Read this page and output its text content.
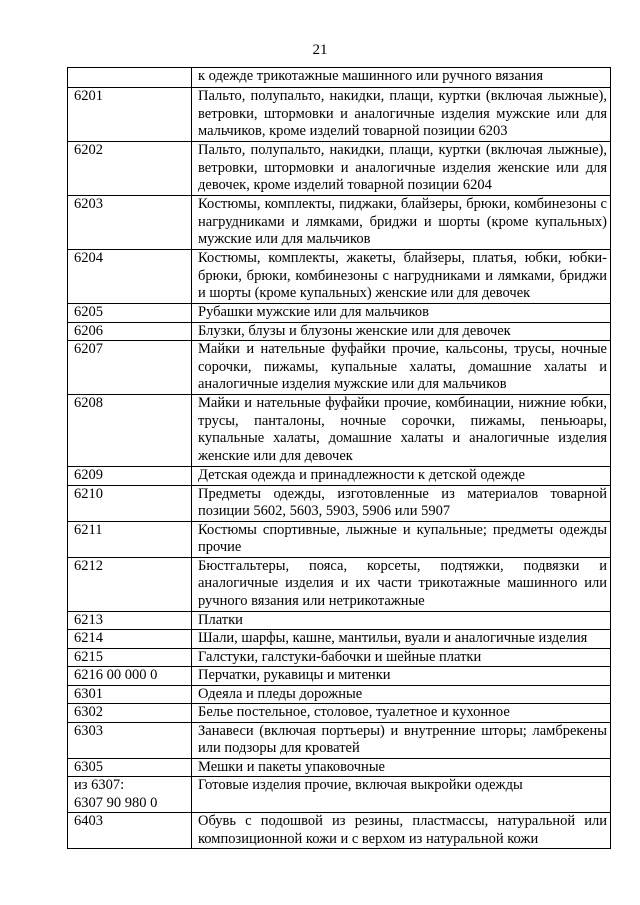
21
	к одежде трикотажные машинного или ручного вязания
6201	Пальто, полупальто, накидки, плащи, куртки (включая лыжные), ветровки, штормовки и аналогичные изделия мужские или для мальчиков, кроме изделий товарной позиции 6203
6202	Пальто, полупальто, накидки, плащи, куртки (включая лыжные), ветровки, штормовки и аналогичные изделия женские или для девочек, кроме изделий товарной позиции 6204
6203	Костюмы, комплекты, пиджаки, блайзеры, брюки, комбинезоны с нагрудниками и лямками, бриджи и шорты (кроме купальных) мужские или для мальчиков
6204	Костюмы, комплекты, жакеты, блайзеры, платья, юбки, юбки-брюки, брюки, комбинезоны с нагрудниками и лямками, бриджи и шорты (кроме купальных) женские или для девочек
6205	Рубашки мужские или для мальчиков
6206	Блузки, блузы и блузоны женские или для девочек
6207	Майки и нательные фуфайки прочие, кальсоны, трусы, ночные сорочки, пижамы, купальные халаты, домашние халаты и аналогичные изделия мужские или для мальчиков
6208	Майки и нательные фуфайки прочие, комбинации, нижние юбки, трусы, панталоны, ночные сорочки, пижамы, пеньюары, купальные халаты, домашние халаты и аналогичные изделия женские или для девочек
6209	Детская одежда и принадлежности к детской одежде
6210	Предметы одежды, изготовленные из материалов товарной позиции 5602, 5603, 5903, 5906 или 5907
6211	Костюмы спортивные, лыжные и купальные; предметы одежды прочие
6212	Бюстгальтеры, пояса, корсеты, подтяжки, подвязки и аналогичные изделия и их части трикотажные машинного или ручного вязания или нетрикотажные
6213	Платки
6214	Шали, шарфы, кашне, мантильи, вуали и аналогичные изделия
6215	Галстуки, галстуки-бабочки и шейные платки
6216 00 000 0	Перчатки, рукавицы и митенки
6301	Одеяла и пледы дорожные
6302	Белье постельное, столовое, туалетное и кухонное
6303	Занавеси (включая портьеры) и внутренние шторы; ламбрекены или подзоры для кроватей
6305	Мешки и пакеты упаковочные
из 6307:
6307 90 980 0	Готовые изделия прочие, включая выкройки одежды
6403	Обувь с подошвой из резины, пластмассы, натуральной или композиционной кожи и с верхом из натуральной кожи
